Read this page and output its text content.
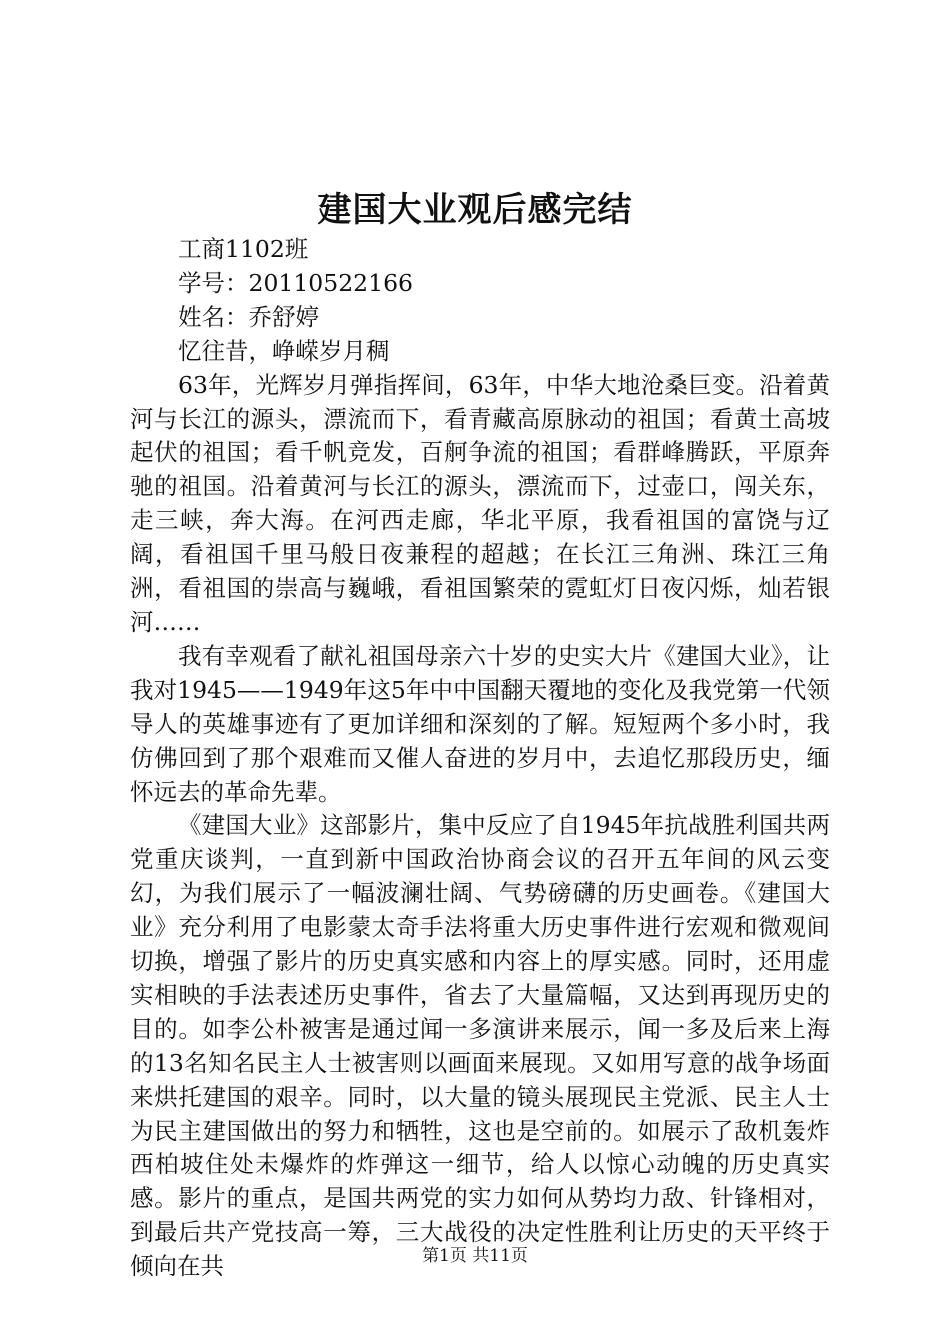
建国大业观后感完结

工商1102班

学号：20110522166

姓名：乔舒婷

忆往昔，峥嵘岁月稠

63年，光辉岁月弹指挥间，63年，中华大地沧桑巨变。沿着黄河与长江的源头，漂流而下，看青藏高原脉动的祖国；看黄土高坡起伏的祖国；看千帆竞发，百舸争流的祖国；看群峰腾跃，平原奔驰的祖国。沿着黄河与长江的源头，漂流而下，过壶口，闯关东，走三峡，奔大海。在河西走廊，华北平原，我看祖国的富饶与辽阔，看祖国千里马般日夜兼程的超越；在长江三角洲、珠江三角洲，看祖国的崇高与巍峨，看祖国繁荣的霓虹灯日夜闪烁，灿若银河……

我有幸观看了献礼祖国母亲六十岁的史实大片《建国大业》，让我对1945——1949年这5年中中国翻天覆地的变化及我党第一代领导人的英雄事迹有了更加详细和深刻的了解。短短两个多小时，我仿佛回到了那个艰难而又催人奋进的岁月中，去追忆那段历史，缅怀远去的革命先辈。

《建国大业》这部影片，集中反应了自1945年抗战胜利国共两党重庆谈判，一直到新中国政治协商会议的召开五年间的风云变幻，为我们展示了一幅波澜壮阔、气势磅礴的历史画卷。《建国大业》充分利用了电影蒙太奇手法将重大历史事件进行宏观和微观间切换，增强了影片的历史真实感和内容上的厚实感。同时，还用虚实相映的手法表述历史事件，省去了大量篇幅，又达到再现历史的目的。如李公朴被害是通过闻一多演讲来展示，闻一多及后来上海的13名知名民主人士被害则以画面来展现。又如用写意的战争场面来烘托建国的艰辛。同时，以大量的镜头展现民主党派、民主人士为民主建国做出的努力和牺牲，这也是空前的。如展示了敌机轰炸西柏坡住处未爆炸的炸弹这一细节，给人以惊心动魄的历史真实感。影片的重点，是国共两党的实力如何从势均力敌、针锋相对，到最后共产党技高一筹，三大战役的决定性胜利让历史的天平终于倾向在共	第1页 共11页
